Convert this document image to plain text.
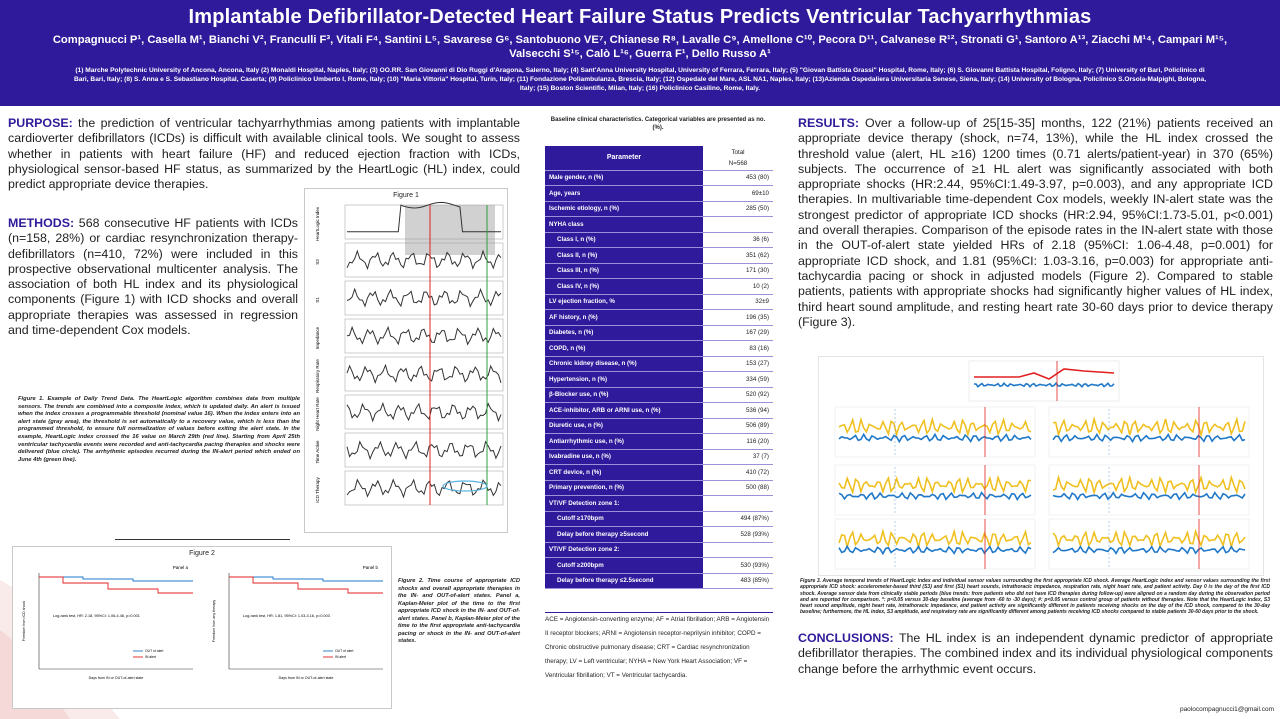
Implantable Defibrillator-Detected Heart Failure Status Predicts Ventricular Tachyarrhythmias
Compagnucci P¹, Casella M¹, Bianchi V², Franculli F³, Vitali F⁴, Santini L⁵, Savarese G⁶, Santobuono VE⁷, Chianese R⁸, Lavalle C⁹, Amellone C¹⁰, Pecora D¹¹, Calvanese R¹², Stronati G¹, Santoro A¹³, Ziacchi M¹⁴, Campari M¹⁵, Valsecchi S¹⁵, Calò L¹⁶, Guerra F¹, Dello Russo A¹
(1) Marche Polytechnic University of Ancona, Ancona, Italy (2) Monaldi Hospital, Naples, Italy; (3) OO.RR. San Giovanni di Dio Ruggi d'Aragona, Salerno, Italy; (4) Sant'Anna University Hospital, University of Ferrara, Ferrara, Italy; (5) "Giovan Battista Grassi" Hospital, Rome, Italy; (6) S. Giovanni Battista Hospital, Foligno, Italy; (7) University of Bari, Policlinico di Bari, Bari, Italy; (8) S. Anna e S. Sebastiano Hospital, Caserta; (9) Policlinico Umberto I, Rome, Italy; (10) "Maria Vittoria" Hospital, Turin, Italy; (11) Fondazione Poliambulanza, Brescia, Italy; (12) Ospedale del Mare, ASL NA1, Naples, Italy; (13)Azienda Ospedaliera Universitaria Senese, Siena, Italy; (14) University of Bologna, Policlinico S.Orsola-Malpighi, Bologna, Italy; (15) Boston Scientific, Milan, Italy; (16) Policlinico Casilino, Rome, Italy.

PURPOSE: the prediction of ventricular tachyarrhythmias among patients with implantable cardioverter defibrillators (ICDs) is difficult with available clinical tools. We sought to assess whether in patients with heart failure (HF) and reduced ejection fraction with ICDs, physiological sensor-based HF status, as summarized by the HeartLogic (HL) index, could predict appropriate device therapies.

METHODS: 568 consecutive HF patients with ICDs (n=158, 28%) or cardiac resynchronization therapy-defibrillators (n=410, 72%) were included in this prospective observational multicenter analysis. The association of both HL index and its physiological components (Figure 1) with ICD shocks and overall appropriate therapies was assessed in regression and time-dependent Cox models.

Figure 1
HeartLogic Index
S3
S1
Impedance
Respiratory Rate
Night Heart Rate
Time Active
ICD Therapy
Figure 1. Example of Daily Trend Data. The HeartLogic algorithm combines data from multiple sensors. The trends are combined into a composite index, which is updated daily. An alert is issued when the index crosses a programmable threshold (nominal value 16). When the index enters into an alert state (gray area), the threshold is set automatically to a recovery value, which is less than the programmed threshold, to ensure full normalization of values before exiting the alert state. In the example, HeartLogic index crossed the 16 value on March 29th (red line). Starting from April 25th ventricular tachycardia events were recorded and anti-tachycardia pacing therapies and shocks were delivered (blue circle). The arrhythmic episodes recurred during the IN-alert period which ended on June 4th (green line).
Figure 2
Panel a
Freedom from ICD shock
Days from IN or OUT-of-alert state
Log-rank test, HR: 2.18, 95%CI: 1.06-4.48, p=0.001
OUT of alert
IN alert
Panel b
Freedom from any therapy
Days from IN or OUT-of-alert state
Log-rank test, HR: 1.81, 95%CI: 1.03-3.16, p=0.003
OUT of alert
IN alert
Figure 2. Time course of appropriate ICD shocks and overall appropriate therapies in the IN- and OUT-of-alert states. Panel a, Kaplan-Meier plot of the time to the first appropriate ICD shock in the IN- and OUT-of-alert states. Panel b, Kaplan-Meier plot of the time to the first appropriate anti-tachycardia pacing or shock in the IN- and OUT-of-alert states.
Baseline clinical characteristics. Categorical variables are presented as no. (%).
Parameter	Total
	N=568
Male gender, n (%)	453 (80)
Age, years	69±10
Ischemic etiology, n (%)	285 (50)
NYHA class	
Class I, n (%)	36 (6)
Class II, n (%)	351 (62)
Class III, n (%)	171 (30)
Class IV, n (%)	10 (2)
LV ejection fraction, %	32±9
AF history, n (%)	196 (35)
Diabetes, n (%)	167 (29)
COPD, n (%)	83 (16)
Chronic kidney disease, n (%)	153 (27)
Hypertension, n (%)	334 (59)
β-Blocker use, n (%)	520 (92)
ACE-inhibitor, ARB or ARNI use, n (%)	536 (94)
Diuretic use, n (%)	506 (89)
Antiarrhythmic use, n (%)	116 (20)
Ivabradine use, n (%)	37 (7)
CRT device, n (%)	410 (72)
Primary prevention, n (%)	500 (88)
VT/VF Detection zone 1:	
Cutoff ≥170bpm	494 (87%)
Delay before therapy ≥5second	528 (93%)
VT/VF Detection zone 2:	
Cutoff ≥200bpm	530 (93%)
Delay before therapy ≤2.5second	483 (85%)
ACE = Angiotensin-converting enzyme; AF = Atrial fibrillation; ARB = Angiotensin II receptor blockers; ARNI = Angiotensin receptor-neprilysin inhibitor; COPD = Chronic obstructive pulmonary disease; CRT = Cardiac resynchronization therapy; LV = Left ventricular; NYHA = New York Heart Association; VF = Ventricular fibrillation; VT = Ventricular tachycardia.

RESULTS: Over a follow-up of 25[15-35] months, 122 (21%) patients received an appropriate device therapy (shock, n=74, 13%), while the HL index crossed the threshold value (alert, HL ≥16) 1200 times (0.71 alerts/patient-year) in 370 (65%) subjects. The occurrence of ≥1 HL alert was significantly associated with both appropriate shocks (HR:2.44, 95%CI:1.49-3.97, p=0.003), and any appropriate ICD therapies. In multivariable time-dependent Cox models, weekly IN-alert state was the strongest predictor of appropriate ICD shocks (HR:2.94, 95%CI:1.73-5.01, p<0.001) and overall therapies. Comparison of the episode rates in the IN-alert state with those in the OUT-of-alert state yielded HRs of 2.18 (95%CI: 1.06-4.48, p=0.001) for appropriate ICD shock, and 1.81 (95%CI: 1.03-3.16, p=0.003) for appropriate anti-tachycardia pacing or shock in adjusted models (Figure 2). Compared to stable patients, patients with appropriate shocks had significantly higher values of HL index, third heart sound amplitude, and resting heart rate 30-60 days prior to device therapy (Figure 3).

Figure 3. Average temporal trends of HeartLogic index and individual sensor values surrounding the first appropriate ICD shock. Average HeartLogic index and sensor values surrounding the first appropriate ICD shock: accelerometer-based third (S3) and first (S1) heart sounds, intrathoracic impedance, respiration rate, night heart rate, and patient activity. Day 0 is the day of the first ICD shock. Average sensor data from clinically stable periods (blue trends: from patients who did not have ICD therapies during follow-up) were aligned on a random day during the observation period and are reported for comparison. *: p<0.05 versus 30-day baseline (average from -60 to -30 days); #: p<0.05 versus control group of patients without therapies. Note that the HeartLogic index, S3 heart sound amplitude, night heart rate, intrathoracic impedance, and patient activity are significantly different in patients receiving shocks on the day of the ICD shock, compared to the 30-day baseline; furthermore, the HL index, S3 amplitude, and respiratory rate are significantly different among patients receiving ICD shocks compared to stable patients 30-60 days prior to the shock.

CONCLUSIONS: The HL index is an independent dynamic predictor of appropriate defibrillator therapies. The combined index and its individual physiological components change before the arrhythmic event occurs.

paolocompagnucci1@gmail.com
